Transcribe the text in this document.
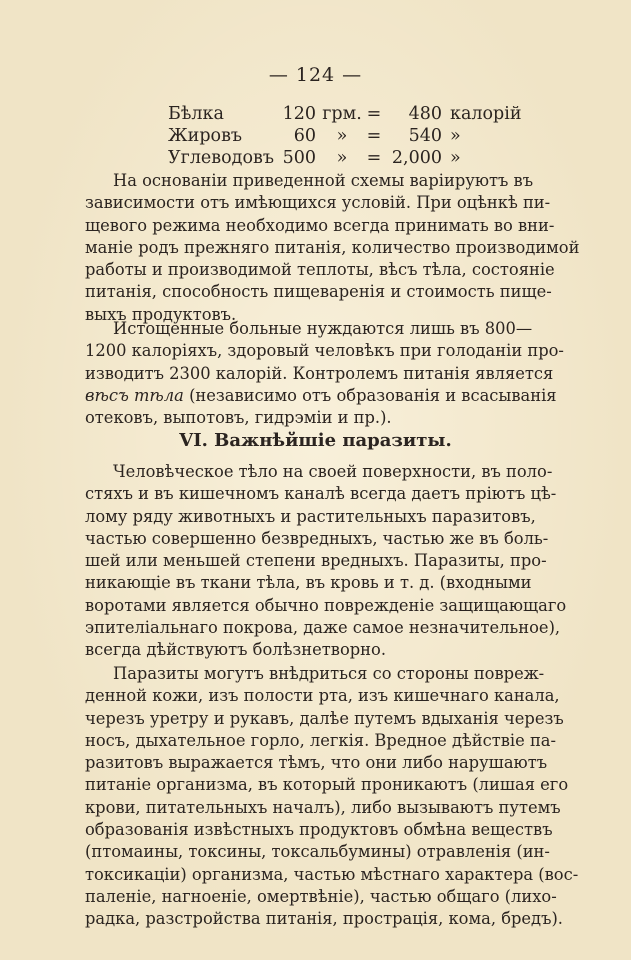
— 124 —
Бѣлка	120 грм. =	480 калорій
Жировъ	60	»	=	540 »
Углеводовъ 500	»	= 2,000 »
На основаніи приведенной схемы варіируютъ въ
зависимости отъ имѣющихся условій. При оцѣнкѣ пи-
щевого режима необходимо всегда принимать во вни-
маніе родъ прежняго питанія, количество производимой
работы и производимой теплоты, вѣсъ тѣла, состояніе
питанія, способность пищеваренія и стоимость пище-
выхъ продуктовъ.
Истощенные больные нуждаются лишь въ 800—
1200 калоріяхъ, здоровый человѣкъ при голоданіи про-
изводитъ 2300 калорій. Контролемъ питанія является
вѣсъ тѣла (независимо отъ образованія и всасыванія
отековъ, выпотовъ, гидрэміи и пр.).
VI. Важнѣйшіе паразиты.
Человѣческое тѣло на своей поверхности, въ поло-
стяхъ и въ кишечномъ каналѣ всегда даетъ пріютъ цѣ-
лому ряду животныхъ и растительныхъ паразитовъ,
частью совершенно безвредныхъ, частью же въ боль-
шей или меньшей степени вредныхъ. Паразиты, про-
никающіе въ ткани тѣла, въ кровь и т. д. (входными
воротами является обычно поврежденіе защищающаго
эпителіальнаго покрова, даже самое незначительное),
всегда дѣйствуютъ болѣзнетворно.
Паразиты могутъ внѣдриться со стороны повреж-
денной кожи, изъ полости рта, изъ кишечнаго канала,
черезъ уретру и рукавъ, далѣе путемъ вдыханія черезъ
носъ, дыхательное горло, легкія. Вредное дѣйствіе па-
разитовъ выражается тѣмъ, что они либо нарушаютъ
питаніе организма, въ который проникаютъ (лишая его
крови, питательныхъ началъ), либо вызываютъ путемъ
образованія извѣстныхъ продуктовъ обмѣна веществъ
(птомаины, токсины, токсальбумины) отравленія (ин-
токсикаціи) организма, частью мѣстнаго характера (вос-
паленіе, нагноеніе, омертвѣніе), частью общаго (лихо-
радка, разстройства питанія, прострація, кома, бредъ).
